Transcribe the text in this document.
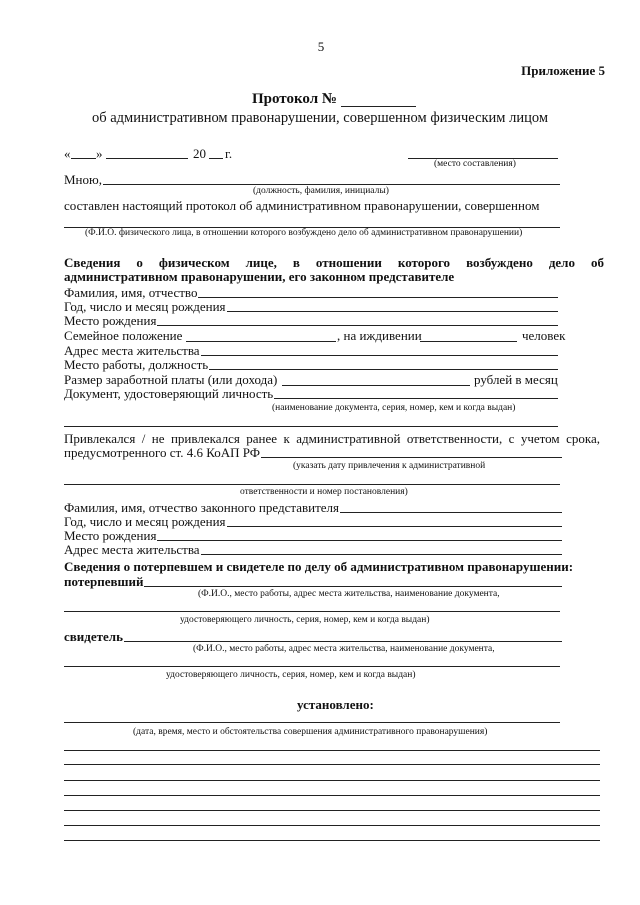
5
Приложение 5
Протокол №
об административном правонарушении, совершенном физическим лицом
« »	20 г.
(место составления)
Мною,
(должность, фамилия, инициалы)
составлен настоящий протокол об административном правонарушении, совершенном
(Ф.И.О. физического лица, в отношении которого возбуждено дело об административном правонарушении)
Сведения о физическом лице, в отношении которого возбуждено дело об
административном правонарушении, его законном представителе
Фамилия, имя, отчество
Год, число и месяц рождения
Место рождения
Семейное положение	, на иждивении	человек
Адрес места жительства
Место работы, должность
Размер заработной платы (или дохода)	рублей в месяц
Документ, удостоверяющий личность
(наименование документа, серия, номер, кем и когда выдан)
Привлекался / не привлекался ранее к административной ответственности, с учетом срока,
предусмотренного ст. 4.6 КоАП РФ
(указать дату привлечения к административной
ответственности и номер постановления)
Фамилия, имя, отчество законного представителя
Год, число и месяц рождения
Место рождения
Адрес места жительства
Сведения о потерпевшем и свидетеле по делу об административном правонарушении:
потерпевший
(Ф.И.О., место работы, адрес места жительства, наименование документа,
удостоверяющего личность, серия, номер, кем и когда выдан)
свидетель
(Ф.И.О., место работы, адрес места жительства, наименование документа,
удостоверяющего личность, серия, номер, кем и когда выдан)
установлено:
(дата, время, место и обстоятельства совершения административного правонарушения)
